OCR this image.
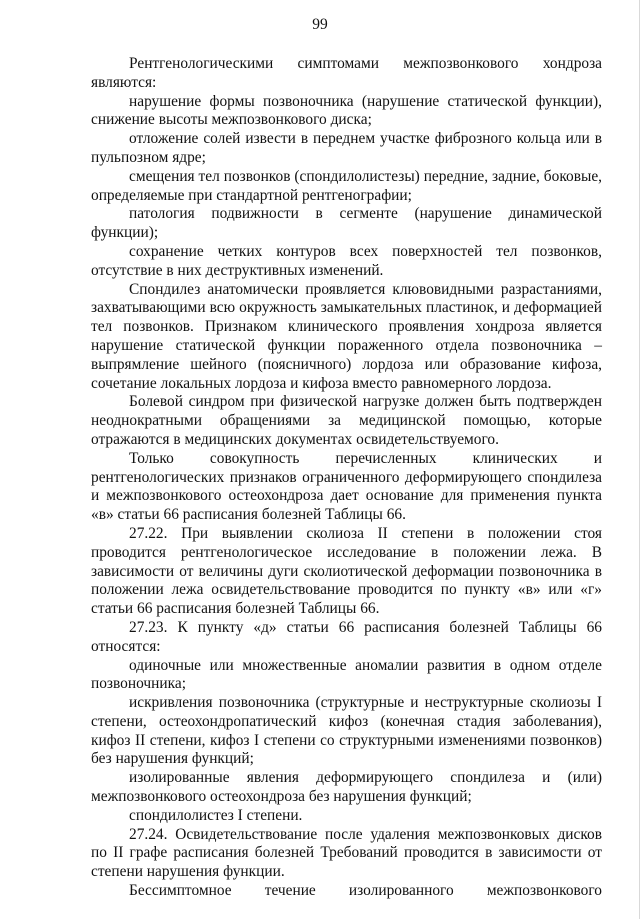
99

Рентгенологическими симптомами межпозвонкового хондроза являются:

нарушение формы позвоночника (нарушение статической функции), снижение высоты межпозвонкового диска;

отложение солей извести в переднем участке фиброзного кольца или в пульпозном ядре;

смещения тел позвонков (спондилолистезы) передние, задние, боковые, определяемые при стандартной рентгенографии;

патология подвижности в сегменте (нарушение динамической функции);

сохранение четких контуров всех поверхностей тел позвонков, отсутствие в них деструктивных изменений.

Спондилез анатомически проявляется клювовидными разрастаниями, захватывающими всю окружность замыкательных пластинок, и деформацией тел позвонков. Признаком клинического проявления хондроза является нарушение статической функции пораженного отдела позвоночника – выпрямление шейного (поясничного) лордоза или образование кифоза, сочетание локальных лордоза и кифоза вместо равномерного лордоза.

Болевой синдром при физической нагрузке должен быть подтвержден неоднократными обращениями за медицинской помощью, которые отражаются в медицинских документах освидетельствуемого.

Только совокупность перечисленных клинических и рентгенологических признаков ограниченного деформирующего спондилеза и межпозвонкового остеохондроза дает основание для применения пункта «в» статьи 66 расписания болезней Таблицы 66.

27.22. При выявлении сколиоза II степени в положении стоя проводится рентгенологическое исследование в положении лежа. В зависимости от величины дуги сколиотической деформации позвоночника в положении лежа освидетельствование проводится по пункту «в» или «г» статьи 66 расписания болезней Таблицы 66.

27.23. К пункту «д» статьи 66 расписания болезней Таблицы 66 относятся:

одиночные или множественные аномалии развития в одном отделе позвоночника;

искривления позвоночника (структурные и неструктурные сколиозы I степени, остеохондропатический кифоз (конечная стадия заболевания), кифоз II степени, кифоз I степени со структурными изменениями позвонков) без нарушения функций;

изолированные явления деформирующего спондилеза и (или) межпозвонкового остеохондроза без нарушения функций;

спондилолистез I степени.

27.24. Освидетельствование после удаления межпозвонковых дисков по II графе расписания болезней Требований проводится в зависимости от степени нарушения функции.

Бессимптомное течение изолированного межпозвонкового
